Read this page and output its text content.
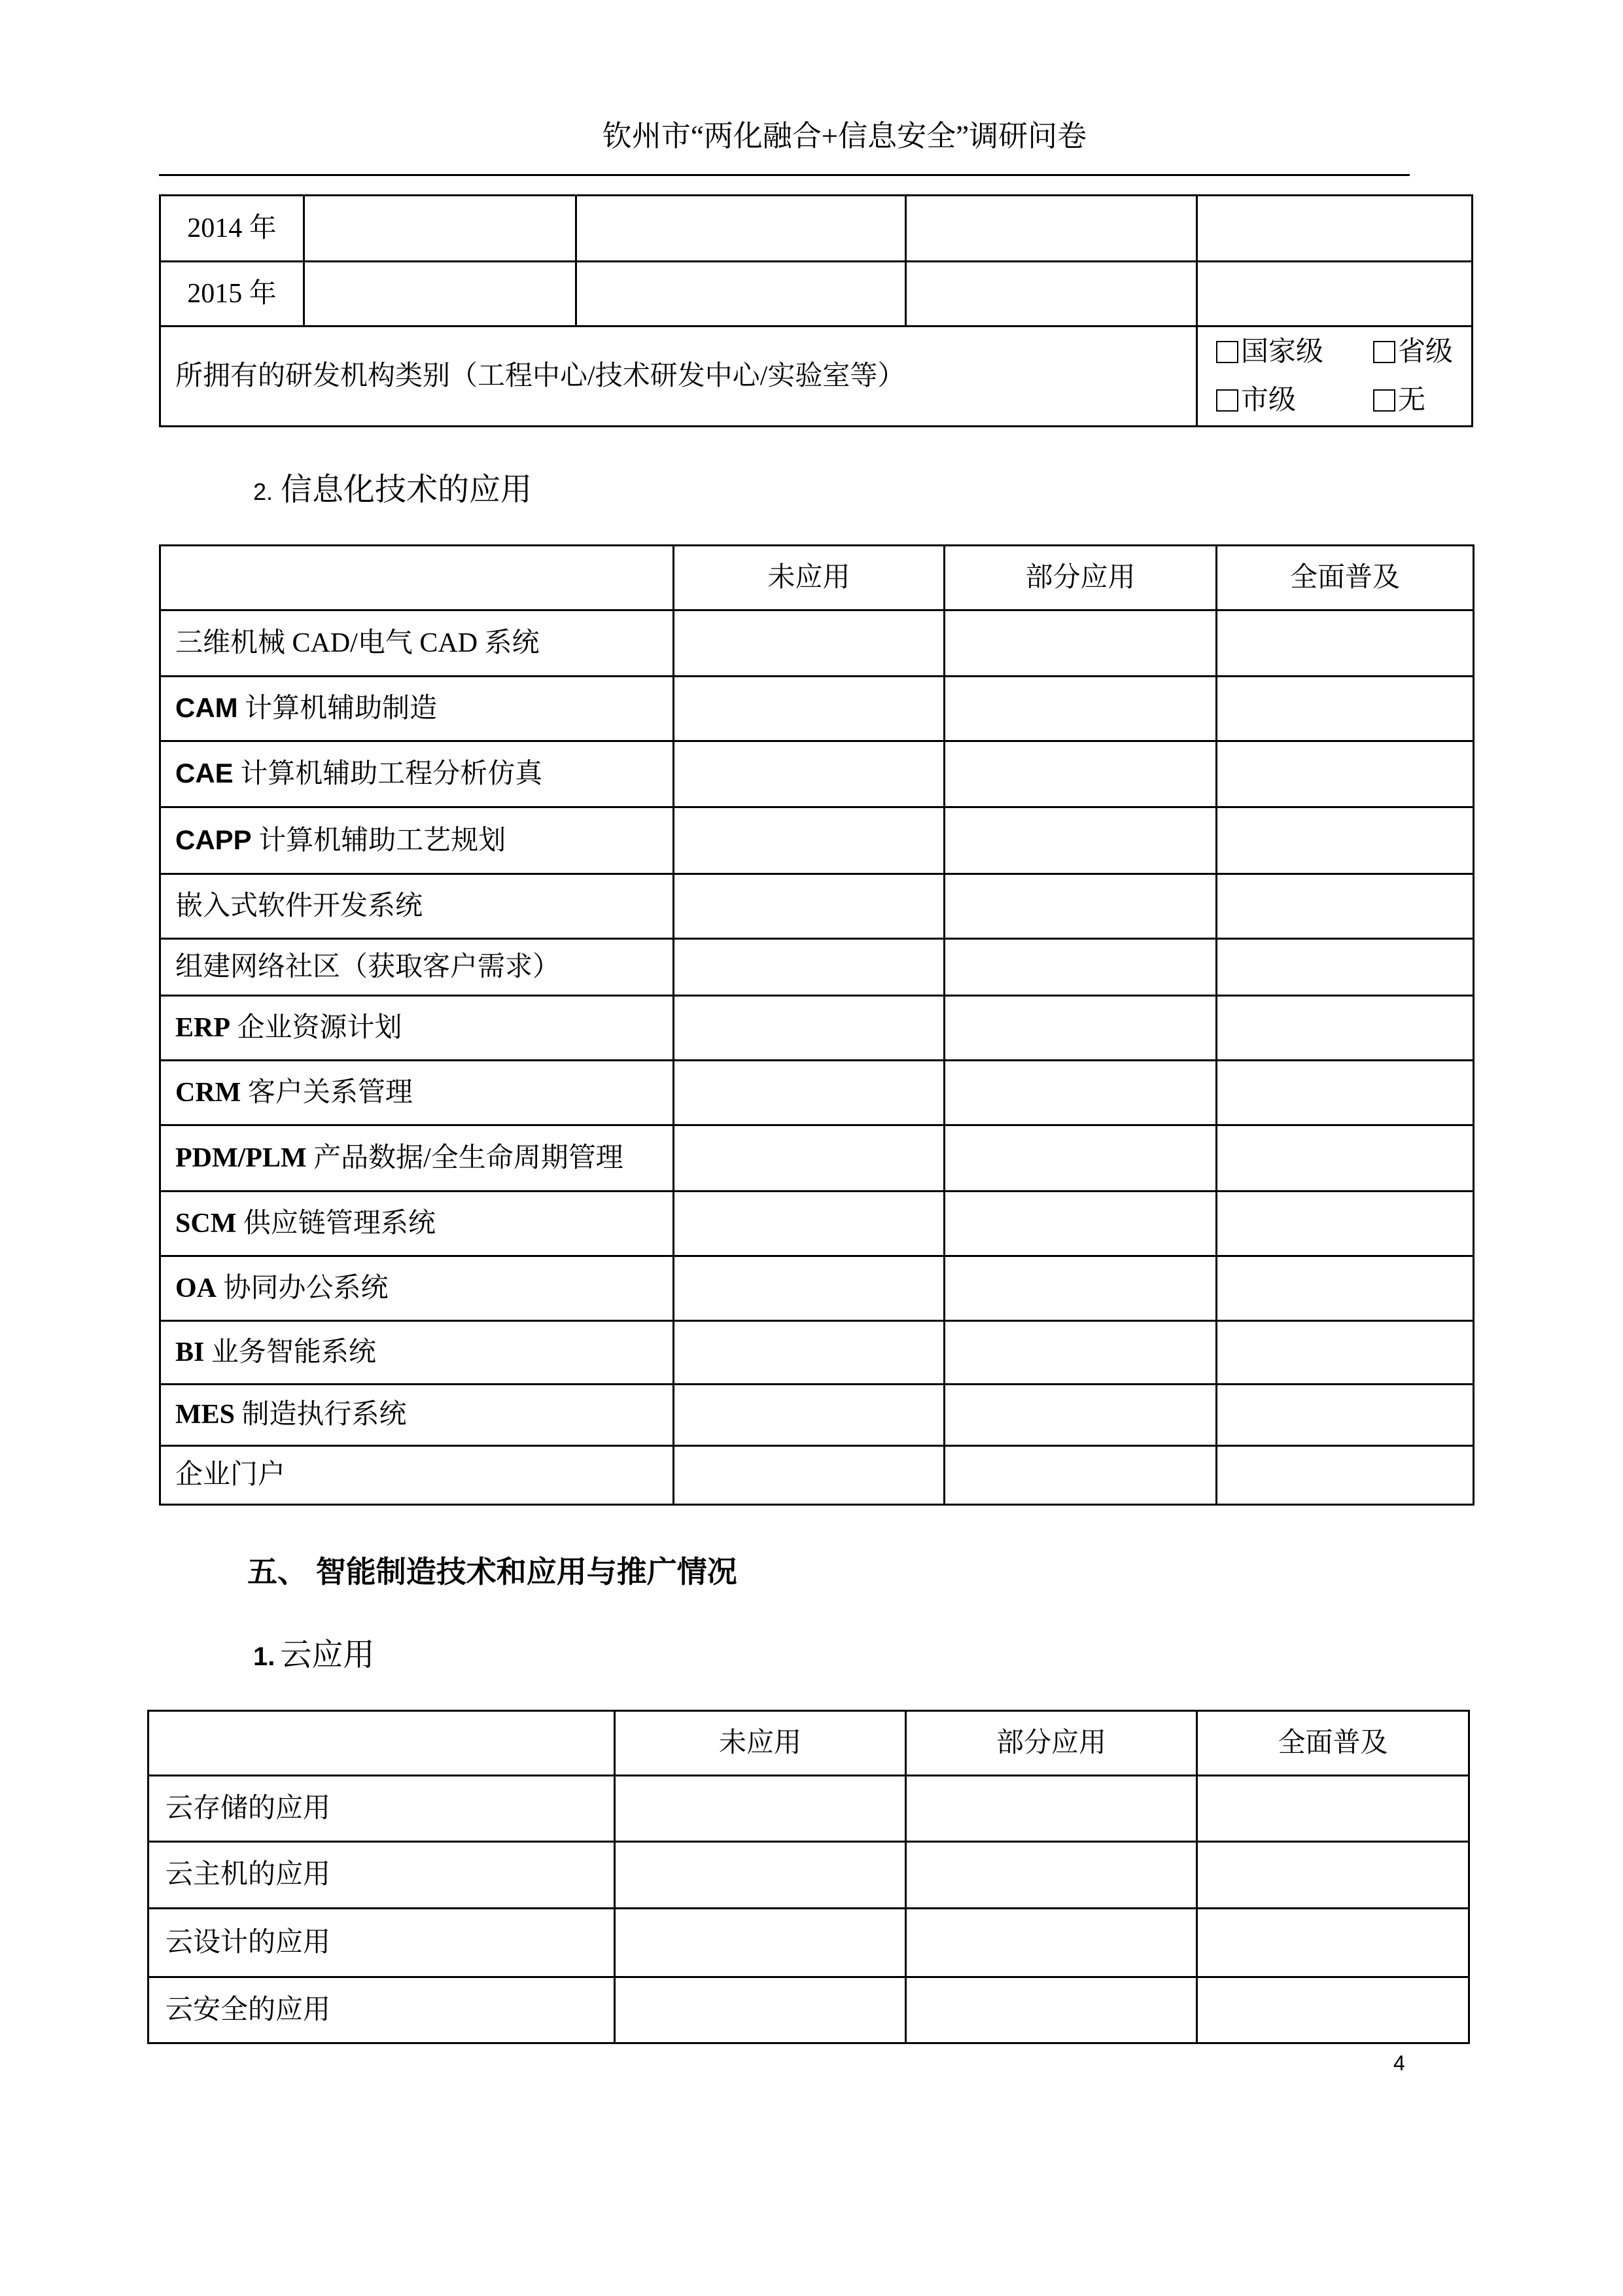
钦州市“两化融合+信息安全”调研问卷
2014 年				
2015 年				
所拥有的研发机构类别（工程中心/技术研发中心/实验室等）				国家级 省级
市级 无
2. 信息化技术的应用
	未应用	部分应用	全面普及
三维机械 CAD/电气 CAD 系统			
CAM 计算机辅助制造			
CAE 计算机辅助工程分析仿真			
CAPP 计算机辅助工艺规划			
嵌入式软件开发系统			
组建网络社区（获取客户需求）			
ERP 企业资源计划			
CRM 客户关系管理			
PDM/PLM 产品数据/全生命周期管理			
SCM 供应链管理系统			
OA 协同办公系统			
BI 业务智能系统			
MES 制造执行系统			
企业门户			
五、 智能制造技术和应用与推广情况
1. 云应用
	未应用	部分应用	全面普及
云存储的应用			
云主机的应用			
云设计的应用			
云安全的应用			
4
